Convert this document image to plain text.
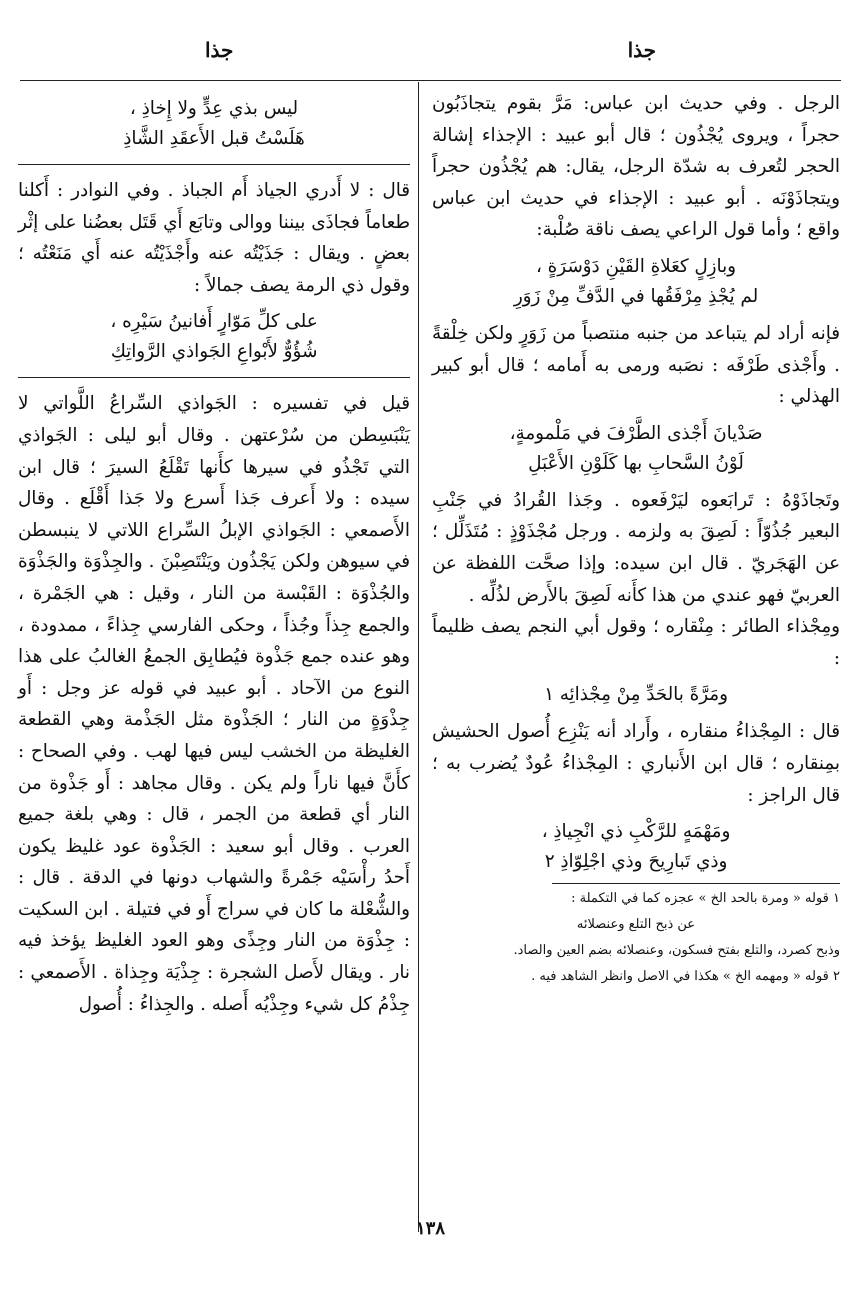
جذا
جذا

الرجل . وفي حديث ابن عباس: مَرَّ بقوم يتجاذَبُون حجراً ، ويروى يُجْذُون ؛ قال أبو عبيد : الإجذاء إشالة الحجر لتُعرف به شدّة الرجل، يقال: هم يُجْذُون حجراً ويتجاذَوْنَه . أبو عبيد : الإجذاء في حديث ابن عباس واقع ؛ وأما قول الراعي يصف ناقة صُلْبة:

وبازِلٍ كعَلاةِ القَيْنِ دَوْسَرَةٍ ،
لم يُجْذِ مِرْفَقُها في الدَّفِّ مِنْ زَوَرِ

فإنه أراد لم يتباعد من جنبه منتصباً من زَوَرٍ ولكن خِلْقةً . وأَجْذى طَرْفَه : نصَبه ورمى به أَمامه ؛ قال أبو كبير الهذلي :

صَدْيانَ أَجْذى الطَّرْفَ في مَلْمومةٍ،
لَوْنُ السَّحابِ بها كَلَوْنِ الأَعْبَلِ

وتَجاذَوْهُ : تَرابَعوه ليَرْفَعوه . وجَذا القُرادُ في جَنْبِ البعير جُذُوّاً : لَصِقَ به ولزمه . ورجل مُجْذَوْذٍ : مُتَذَلِّل ؛ عن الهَجَريّ . قال ابن سيده: وإذا صحَّت اللفظة عن العربيّ فهو عندي من هذا كأَنه لَصِقَ بالأَرض لذُلِّه .

ومِجْذاء الطائر : مِنْقاره ؛ وقول أبي النجم يصف ظليماً :

ومَرَّةً بالحَدِّ مِنْ مِجْذائِه ١

قال : المِجْذاءُ منقاره ، وأَراد أنه يَنْزِع أُصول الحشيش بمِنقاره ؛ قال ابن الأَنباري : المِجْذاءُ عُودٌ يُضرب به ؛ قال الراجز :

ومَهْمَهٍ للرَّكْبِ ذي انْجِياذِ ،
وذي تَبارِيحَ وذي اجْلِوّاذِ ٢

١ قوله « ومرة بالحد الخ » عجزه كما في التكملة :

عن ذبح التلع وعنصلائه

وذبح كصرد، والتلع بفتح فسكون، وعنصلائه بضم العين والصاد.

٢ قوله « ومهمه الخ » هكذا في الاصل وانظر الشاهد فيه .

ليس بذي عِدٍّ ولا إِخاذِ ،
هَلَسْتُ قبل الأَعقَدِ الشَّاذِ

قال : لا أَدري الجياذ أَم الجباذ . وفي النوادر : أَكلنا طعاماً فجاذَى بيننا ووالى وتابَع أَي قَتَل بعضُنا على إثْر بعضٍ . ويقال : جَذَيْتُه عنه وأَجْذَيْتُه عنه أَي مَنَعْتُه ؛ وقول ذي الرمة يصف جمالاً :

على كلِّ مَوّارٍ أَفانينُ سَيْرِه ،
شُؤُوٌّ لأَبْواعِ الجَواذي الرَّواتِكِ

قيل في تفسيره : الجَواذي السِّراعُ اللَّواتي لا يَنْبَسِطن من سُرْعتهن . وقال أبو ليلى : الجَواذي التي تَجْذُو في سيرها كأَنها تَقْلَعُ السيرَ ؛ قال ابن سيده : ولا أَعرف جَذا أَسرع ولا جَذا أَقْلَع . وقال الأَصمعي : الجَواذي الإبلُ السِّراع اللاتي لا ينبسطن في سيوهن ولكن يَجْذُون ويَنْتَصِبْنَ . والجِذْوَة والجَذْوَة والجُذْوَة : القَبْسة من النار ، وقيل : هي الجَمْرة ، والجمع جِذاً وجُذاً ، وحكى الفارسي جِذاءً ، ممدودة ، وهو عنده جمع جَذْوة فيُطابِق الجمعُ الغالبُ على هذا النوع من الآحاد . أبو عبيد في قوله عز وجل : أَو جِذْوَةٍ من النار ؛ الجَذْوة مثل الجَذْمة وهي القطعة الغليظة من الخشب ليس فيها لهب . وفي الصحاح : كأَنَّ فيها ناراً ولم يكن . وقال مجاهد : أَو جَذْوة من النار أي قطعة من الجمر ، قال : وهي بلغة جميع العرب . وقال أبو سعيد : الجَذْوة عود غليظ يكون أَحدُ رأْسَيْه جَمْرةً والشهاب دونها في الدقة . قال : والشُّعْلة ما كان في سراج أَو في فتيلة . ابن السكيت : جِذْوَة من النار وجِذًى وهو العود الغليظ يؤخذ فيه نار . ويقال لأَصل الشجرة : جِذْيَة وجِذاة . الأَصمعي : جِذْمُ كل شيء وجِذْيُه أَصله . والجِذاءُ : أُصول

١٣٨
